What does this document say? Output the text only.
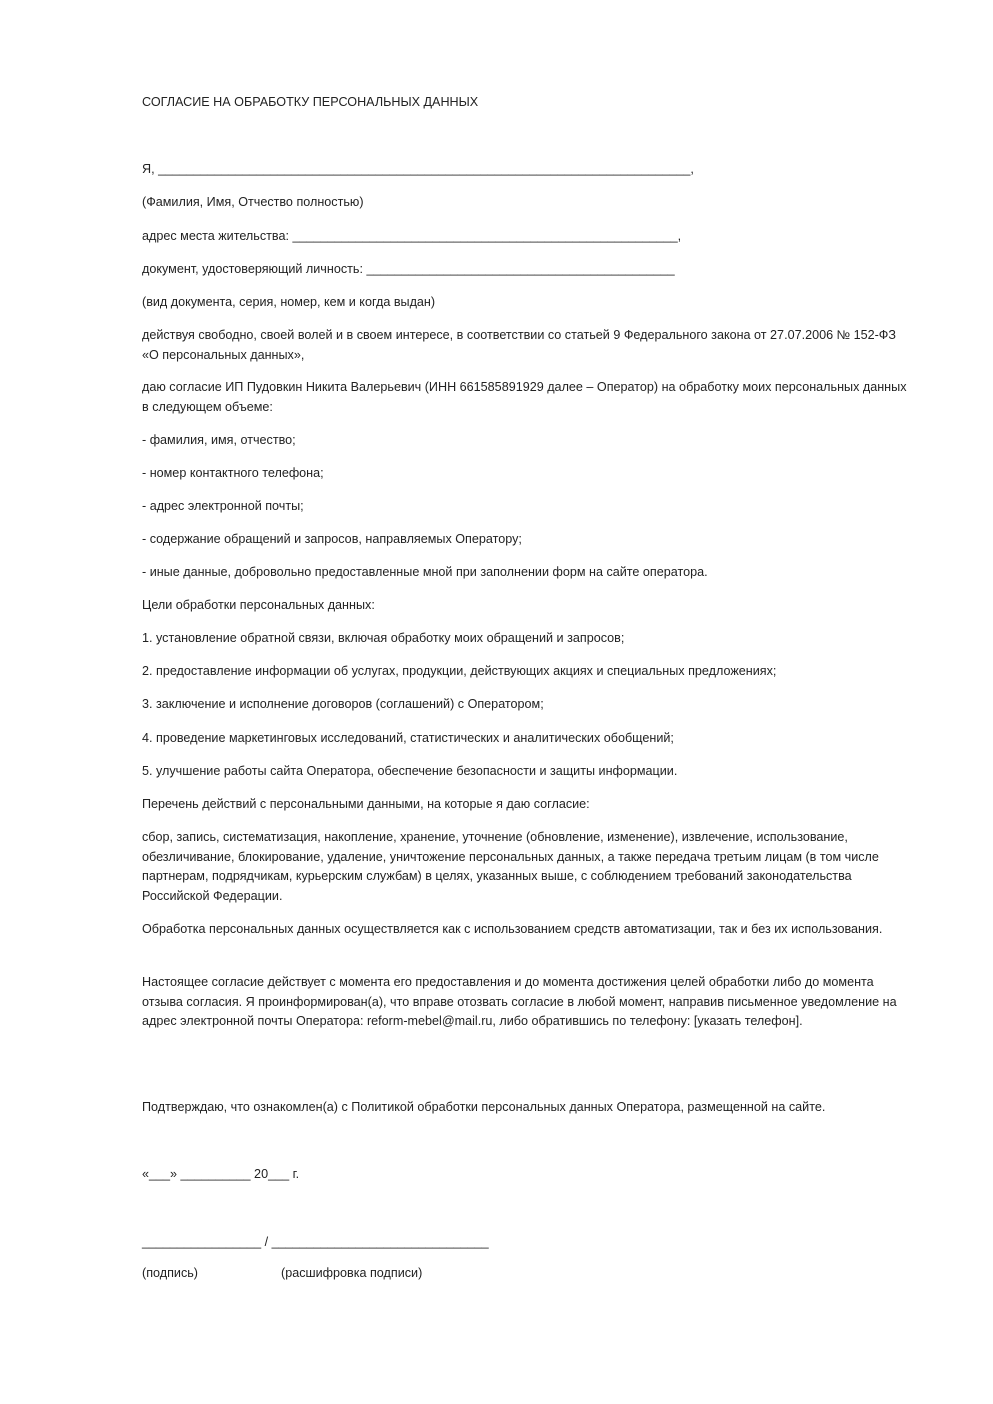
СОГЛАСИЕ НА ОБРАБОТКУ ПЕРСОНАЛЬНЫХ ДАННЫХ

Я, ____________________________________________________________________________,

(Фамилия, Имя, Отчество полностью)

адрес места жительства: _______________________________________________________,

документ, удостоверяющий личность: ____________________________________________

(вид документа, серия, номер, кем и когда выдан)

действуя свободно, своей волей и в своем интересе, в соответствии со статьей 9 Федерального закона от 27.07.2006 № 152-ФЗ «О персональных данных»,

даю согласие ИП Пудовкин Никита Валерьевич (ИНН 661585891929 далее – Оператор) на обработку моих персональных данных в следующем объеме:

- фамилия, имя, отчество;

- номер контактного телефона;

- адрес электронной почты;

- содержание обращений и запросов, направляемых Оператору;

- иные данные, добровольно предоставленные мной при заполнении форм на сайте оператора.

Цели обработки персональных данных:

1. установление обратной связи, включая обработку моих обращений и запросов;

2. предоставление информации об услугах, продукции, действующих акциях и специальных предложениях;

3. заключение и исполнение договоров (соглашений) с Оператором;

4. проведение маркетинговых исследований, статистических и аналитических обобщений;

5. улучшение работы сайта Оператора, обеспечение безопасности и защиты информации.

Перечень действий с персональными данными, на которые я даю согласие:

сбор, запись, систематизация, накопление, хранение, уточнение (обновление, изменение), извлечение, использование, обезличивание, блокирование, удаление, уничтожение персональных данных, а также передача третьим лицам (в том числе партнерам, подрядчикам, курьерским службам) в целях, указанных выше, с соблюдением требований законодательства Российской Федерации.

Обработка персональных данных осуществляется как с использованием средств автоматизации, так и без их использования.

Настоящее согласие действует с момента его предоставления и до момента достижения целей обработки либо до момента отзыва согласия. Я проинформирован(а), что вправе отозвать согласие в любой момент, направив письменное уведомление на адрес электронной почты Оператора: reform-mebel@mail.ru, либо обратившись по телефону: [указать телефон].

Подтверждаю, что ознакомлен(а) с Политикой обработки персональных данных Оператора, размещенной на сайте.

«___» __________ 20___ г.

_________________ / _______________________________

(подпись)	(расшифровка подписи)
